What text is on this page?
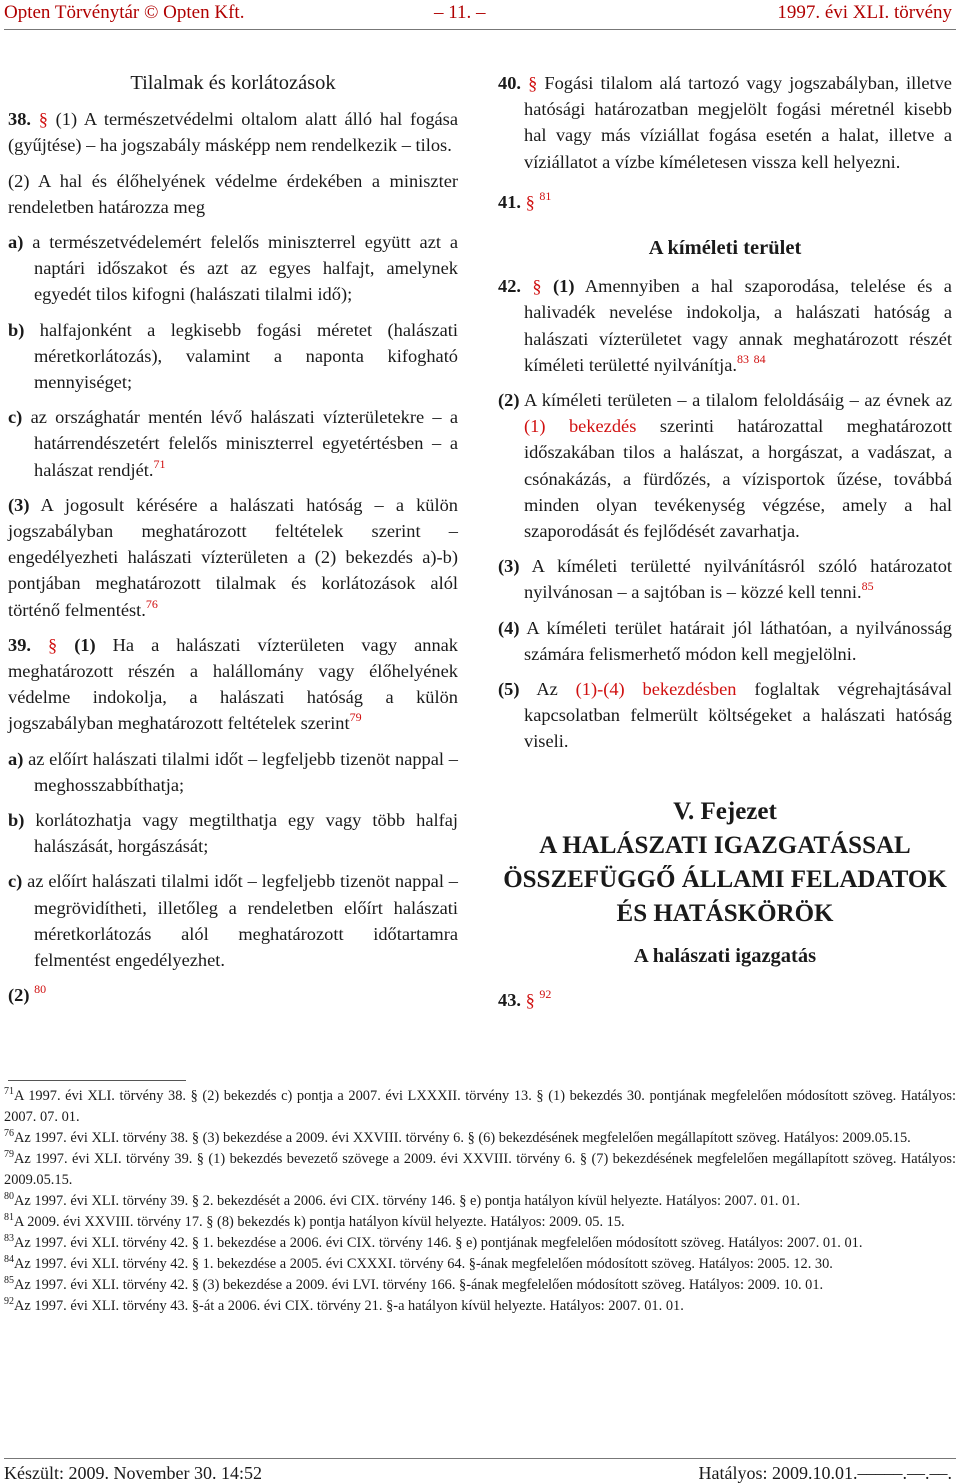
Opten Törvénytár © Opten Kft.	– 11. –	1997. évi XLI. törvény
Tilalmak és korlátozások
38. § (1) A természetvédelmi oltalom alatt álló hal fogása (gyűjtése) – ha jogszabály másképp nem rendelkezik – tilos.
(2) A hal és élőhelyének védelme érdekében a miniszter rendeletben határozza meg
a) a természetvédelemért felelős miniszterrel együtt azt a naptári időszakot és azt az egyes halfajt, amelynek egyedét tilos kifogni (halászati tilalmi idő);
b) halfajonként a legkisebb fogási méretet (halászati méretkorlátozás), valamint a naponta kifogható mennyiséget;
c) az országhatár mentén lévő halászati vízterületekre – a határrendészetért felelős miniszterrel egyetértésben – a halászat rendjét.$^{71}$
(3) A jogosult kérésére a halászati hatóság – a külön jogszabályban meghatározott feltételek szerint – engedélyezheti halászati vízterületen a (2) bekezdés a)-b) pontjában meghatározott tilalmak és korlátozások alól történő felmentést.$^{76}$
39. § (1) Ha a halászati vízterületen vagy annak meghatározott részén a halállomány vagy élőhelyének védelme indokolja, a halászati hatóság a külön jogszabályban meghatározott feltételek szerint$^{79}$
a) az előírt halászati tilalmi időt – legfeljebb tizenöt nappal – meghosszabbíthatja;
b) korlátozhatja vagy megtilthatja egy vagy több halfaj halászását, horgászását;
c) az előírt halászati tilalmi időt – legfeljebb tizenöt nappal – megrövidítheti, illetőleg a rendeletben előírt halászati méretkorlátozás alól meghatározott időtartamra felmentést engedélyezhet.
(2) $^{80}$
40. § Fogási tilalom alá tartozó vagy jogszabályban, illetve hatósági határozatban megjelölt fogási méretnél kisebb hal vagy más víziállat fogása esetén a halat, illetve a víziállatot a vízbe kíméletesen vissza kell helyezni.
41. § $^{81}$
A kíméleti terület
42. § (1) Amennyiben a hal szaporodása, telelése és a halivadék nevelése indokolja, a halászati hatóság a halászati vízterületet vagy annak meghatározott részét kíméleti területté nyilvánítja.$^{83}$ $^{84}$
(2) A kíméleti területen – a tilalom feloldásáig – az évnek az (1) bekezdés szerinti határozattal meghatározott időszakában tilos a halászat, a horgászat, a vadászat, a csónakázás, a fürdőzés, a vízisportok űzése, továbbá minden olyan tevékenység végzése, amely a hal szaporodását és fejlődését zavarhatja.
(3) A kíméleti területté nyilvánításról szóló határozatot nyilvánosan – a sajtóban is – közzé kell tenni.$^{85}$
(4) A kíméleti terület határait jól láthatóan, a nyilvánosság számára felismerhető módon kell megjelölni.
(5) Az (1)-(4) bekezdésben foglaltak végrehajtásával kapcsolatban felmerült költségeket a halászati hatóság viseli.
V. Fejezet
A HALÁSZATI IGAZGATÁSSAL ÖSSZEFÜGGŐ ÁLLAMI FELADATOK ÉS HATÁSKÖRÖK
A halászati igazgatás
43. § $^{92}$

$^{71}$A 1997. évi XLI. törvény 38. § (2) bekezdés c) pontja a 2007. évi LXXXII. törvény 13. § (1) bekezdés 30. pontjának megfelelően módosított szöveg. Hatályos: 2007. 07. 01.

$^{76}$Az 1997. évi XLI. törvény 38. § (3) bekezdése a 2009. évi XXVIII. törvény 6. § (6) bekezdésének megfelelően megállapított szöveg. Hatályos: 2009.05.15.

$^{79}$Az 1997. évi XLI. törvény 39. § (1) bekezdés bevezető szövege a 2009. évi XXVIII. törvény 6. § (7) bekezdésének megfelelően megállapított szöveg. Hatályos: 2009.05.15.

$^{80}$Az 1997. évi XLI. törvény 39. § 2. bekezdését a 2006. évi CIX. törvény 146. § e) pontja hatályon kívül helyezte. Hatályos: 2007. 01. 01.

$^{81}$A 2009. évi XXVIII. törvény 17. § (8) bekezdés k) pontja hatályon kívül helyezte. Hatályos: 2009. 05. 15.

$^{83}$Az 1997. évi XLI. törvény 42. § 1. bekezdése a 2006. évi CIX. törvény 146. § e) pontjának megfelelően módosított szöveg. Hatályos: 2007. 01. 01.

$^{84}$Az 1997. évi XLI. törvény 42. § 1. bekezdése a 2005. évi CXXXI. törvény 64. §-ának megfelelően módosított szöveg. Hatályos: 2005. 12. 30.

$^{85}$Az 1997. évi XLI. törvény 42. § (3) bekezdése a 2009. évi LVI. törvény 166. §-ának megfelelően módosított szöveg. Hatályos: 2009. 10. 01.

$^{92}$Az 1997. évi XLI. törvény 43. §-át a 2006. évi CIX. törvény 21. §-a hatályon kívül helyezte. Hatályos: 2007. 01. 01.

Készült: 2009. November 30. 14:52	Hatályos: 2009.10.01.–––––.––.––.
